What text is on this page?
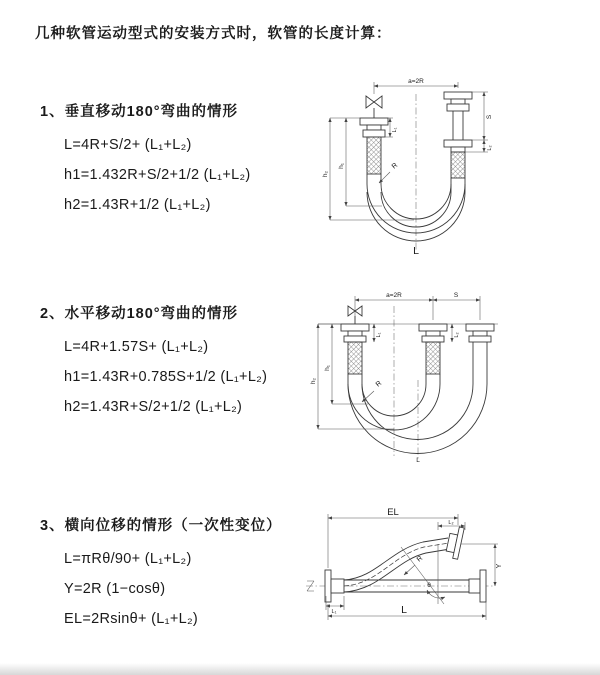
几种软管运动型式的安装方式时，软管的长度计算：
1、垂直移动180°弯曲的情形
L=4R+S/2+ (L₁+L₂)
h1=1.432R+S/2+1/2 (L₁+L₂)
h2=1.43R+1/2 (L₁+L₂)
a=2R
h₁
h₂
L₁
S
L₂
R
L
2、水平移动180°弯曲的情形
L=4R+1.57S+ (L₁+L₂)
h1=1.43R+0.785S+1/2 (L₁+L₂)
h2=1.43R+S/2+1/2 (L₁+L₂)
a=2R	S
h₁
h₂
L₁	L₂
R
L
3、横向位移的情形（一次性变位）
L=πRθ/90+ (L₁+L₂)
Y=2R (1−cosθ)
EL=2Rsinθ+ (L₁+L₂)
EL
L₂
Y
θ
R
L₁	L
